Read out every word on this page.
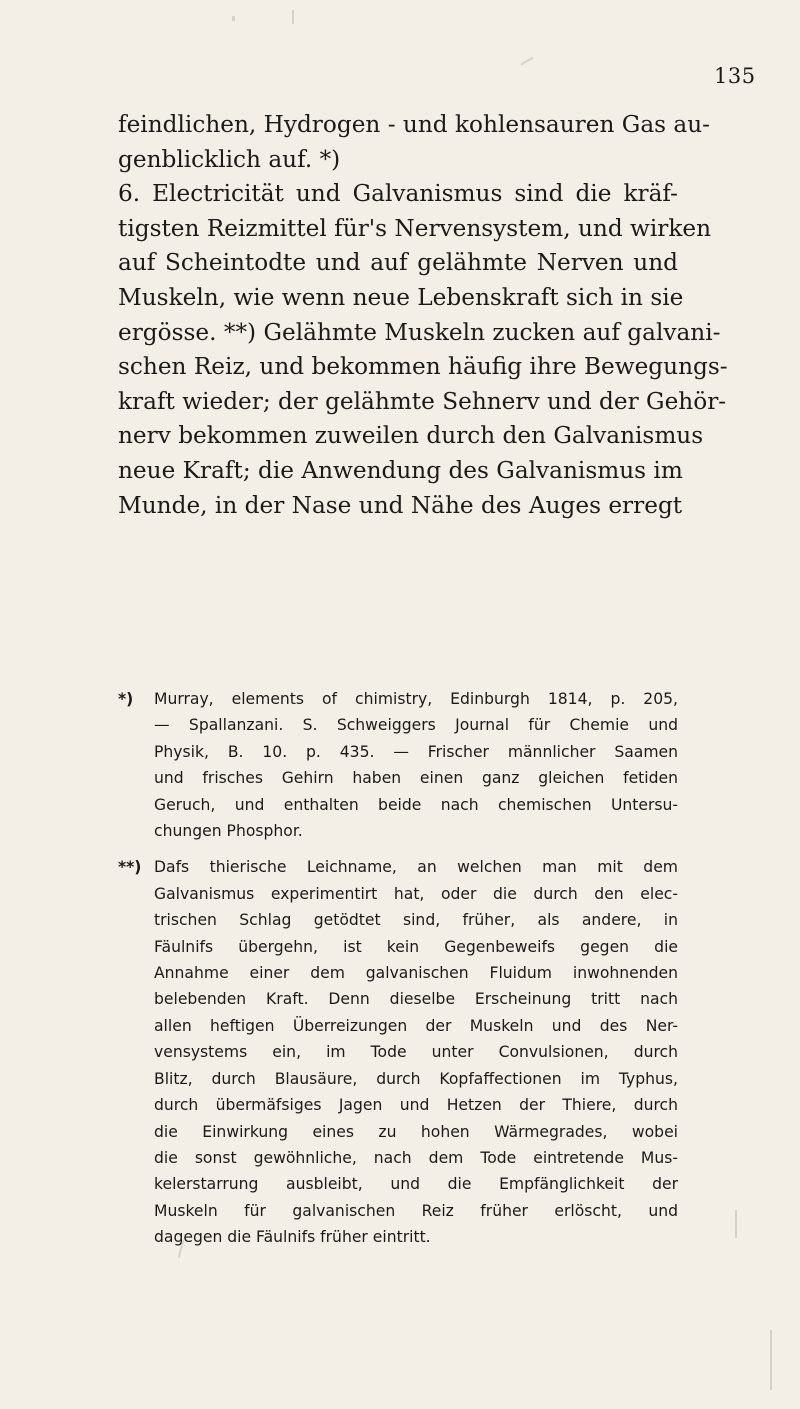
135
feindlichen, Hydrogen - und kohlensauren Gas au-
genblicklich auf. *)
6. Electricität und Galvanismus sind die kräf-
tigsten Reizmittel für's Nervensystem, und wirken
auf Scheintodte und auf gelähmte Nerven und
Muskeln, wie wenn neue Lebenskraft sich in sie
ergösse. **) Gelähmte Muskeln zucken auf galvani-
schen Reiz, und bekommen häufig ihre Bewegungs-
kraft wieder; der gelähmte Sehnerv und der Gehör-
nerv bekommen zuweilen durch den Galvanismus
neue Kraft; die Anwendung des Galvanismus im
Munde, in der Nase und Nähe des Auges erregt
*) Murray, elements of chimistry, Edinburgh 1814, p. 205,
— Spallanzani. S. Schweiggers Journal für Chemie und
Physik, B. 10. p. 435. — Frischer männlicher Saamen
und frisches Gehirn haben einen ganz gleichen fetiden
Geruch, und enthalten beide nach chemischen Untersu-
chungen Phosphor.
**) Dafs thierische Leichname, an welchen man mit dem
Galvanismus experimentirt hat, oder die durch den elec-
trischen Schlag getödtet sind, früher, als andere, in
Fäulnifs übergehn, ist kein Gegenbeweifs gegen die
Annahme einer dem galvanischen Fluidum inwohnenden
belebenden Kraft. Denn dieselbe Erscheinung tritt nach
allen heftigen Überreizungen der Muskeln und des Ner-
vensystems ein, im Tode unter Convulsionen, durch
Blitz, durch Blausäure, durch Kopfaffectionen im Typhus,
durch übermäfsiges Jagen und Hetzen der Thiere, durch
die Einwirkung eines zu hohen Wärmegrades, wobei
die sonst gewöhnliche, nach dem Tode eintretende Mus-
kelerstarrung ausbleibt, und die Empfänglichkeit der
Muskeln für galvanischen Reiz früher erlöscht, und
dagegen die Fäulnifs früher eintritt.
